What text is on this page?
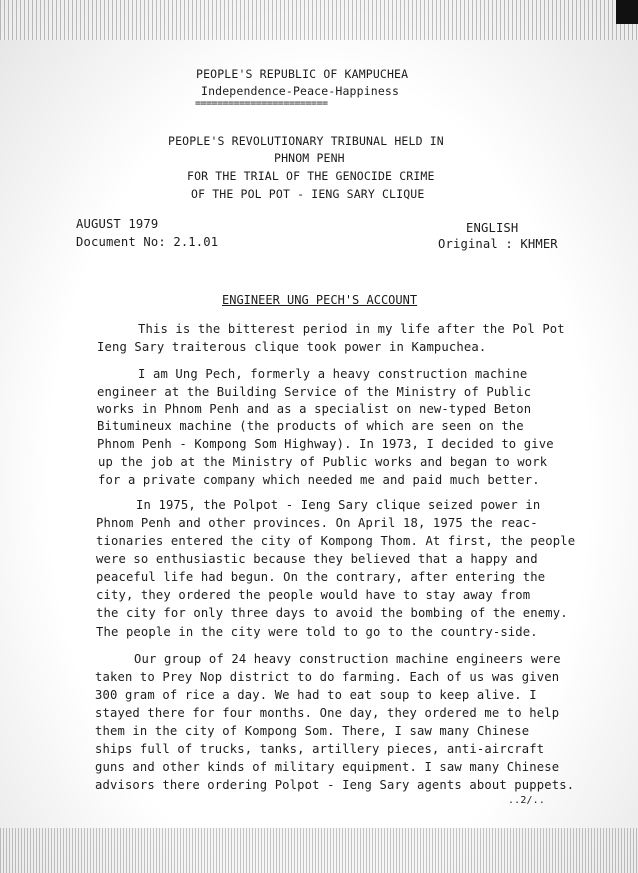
PEOPLE'S REPUBLIC OF KAMPUCHEA
Independence-Peace-Happiness
========================
PEOPLE'S REVOLUTIONARY TRIBUNAL HELD IN
PHNOM PENH
FOR THE TRIAL OF THE GENOCIDE CRIME
OF THE POL POT - IENG SARY CLIQUE
AUGUST 1979
Document No: 2.1.01
ENGLISH
Original : KHMER
ENGINEER UNG PECH'S ACCOUNT
This is the bitterest period in my life after the Pol Pot
Ieng Sary traiterous clique took power in Kampuchea.
I am Ung Pech, formerly a heavy construction machine
engineer at the Building Service of the Ministry of Public
works in Phnom Penh and as a specialist on new-typed Beton
Bitumineux machine (the products of which are seen on the
Phnom Penh - Kompong Som Highway). In 1973, I decided to give
up the job at the Ministry of Public works and began to work
for a private company which needed me and paid much better.
In 1975, the Polpot - Ieng Sary clique seized power in
Phnom Penh and other provinces. On April 18, 1975 the reac-
tionaries entered the city of Kompong Thom. At first, the people
were so enthusiastic because they believed that a happy and
peaceful life had begun. On the contrary, after entering the
city, they ordered the people would have to stay away from
the city for only three days to avoid the bombing of the enemy.
The people in the city were told to go to the country-side.
Our group of 24 heavy construction machine engineers were
taken to Prey Nop district to do farming. Each of us was given
300 gram of rice a day. We had to eat soup to keep alive. I
stayed there for four months. One day, they ordered me to help
them in the city of Kompong Som. There, I saw many Chinese
ships full of trucks, tanks, artillery pieces, anti-aircraft
guns and other kinds of military equipment. I saw many Chinese
advisors there ordering Polpot - Ieng Sary agents about puppets.
..2/..
